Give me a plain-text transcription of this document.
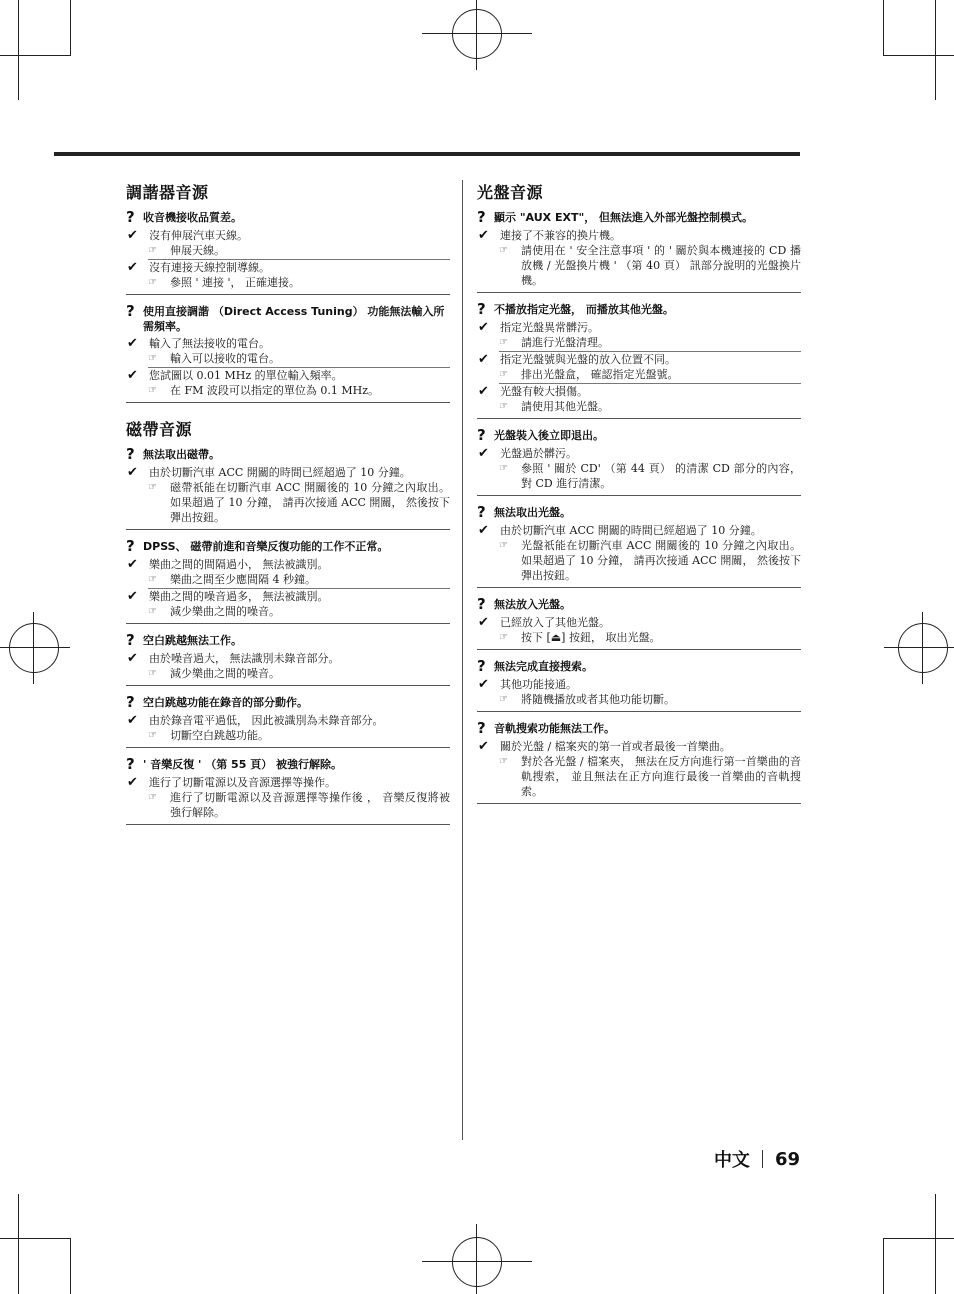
調諧器音源
? 收音機接收品質差。
✔	沒有伸展汽車天線。
☞	伸展天線。
✔	沒有連接天線控制導線。
☞	參照 ' 連接 '， 正確連接。
? 使用直接調諧 （Direct Access Tuning） 功能無法輸入所需頻率。
✔	輸入了無法接收的電台。
☞	輸入可以接收的電台。
✔	您試圖以 0.01 MHz 的單位輸入頻率。
☞	在 FM 波段可以指定的單位為 0.1 MHz。
磁帶音源
? 無法取出磁帶。
✔	由於切斷汽車 ACC 開關的時間已經超過了 10 分鐘。
☞	磁帶祇能在切斷汽車 ACC 開關後的 10 分鐘之內取出。 如果超過了 10 分鐘， 請再次接通 ACC 開關， 然後按下彈出按鈕。
? DPSS、 磁帶前進和音樂反復功能的工作不正常。
✔	樂曲之間的間隔過小， 無法被識別。
☞	樂曲之間至少應間隔 4 秒鐘。
✔	樂曲之間的噪音過多， 無法被識別。
☞	減少樂曲之間的噪音。
? 空白跳越無法工作。
✔	由於噪音過大， 無法識別未錄音部分。
☞	減少樂曲之間的噪音。
? 空白跳越功能在錄音的部分動作。
✔	由於錄音電平過低， 因此被識別為未錄音部分。
☞	切斷空白跳越功能。
? ' 音樂反復 ' （第 55 頁） 被強行解除。
✔	進行了切斷電源以及音源選擇等操作。
☞	進行了切斷電源以及音源選擇等操作後 ， 音樂反復將被強行解除。
光盤音源
? 顯示 "AUX EXT"， 但無法進入外部光盤控制模式。
✔	連接了不兼容的換片機。
☞	請使用在 ' 安全注意事項 ' 的 ' 關於與本機連接的 CD 播放機 / 光盤換片機 ' （第 40 頁） 訊部分說明的光盤換片機。
? 不播放指定光盤， 而播放其他光盤。
✔	指定光盤異常髒污。
☞	請進行光盤清理。
✔	指定光盤號與光盤的放入位置不同。
☞	排出光盤盒， 確認指定光盤號。
✔	光盤有較大損傷。
☞	請使用其他光盤。
? 光盤裝入後立即退出。
✔	光盤過於髒污。
☞	參照 ' 關於 CD' （第 44 頁） 的清潔 CD 部分的內容， 對 CD 進行清潔。
? 無法取出光盤。
✔	由於切斷汽車 ACC 開關的時間已經超過了 10 分鐘。
☞	光盤祇能在切斷汽車 ACC 開關後的 10 分鐘之內取出。 如果超過了 10 分鐘， 請再次接通 ACC 開關， 然後按下彈出按鈕。
? 無法放入光盤。
✔	已經放入了其他光盤。
☞	按下 [⏏] 按鈕， 取出光盤。
? 無法完成直接搜索。
✔	其他功能接通。
☞	將隨機播放或者其他功能切斷。
? 音軌搜索功能無法工作。
✔	關於光盤 / 檔案夾的第一首或者最後一首樂曲。
☞	對於各光盤 / 檔案夾， 無法在反方向進行第一首樂曲的音軌搜索， 並且無法在正方向進行最後一首樂曲的音軌搜索。
中文 69
